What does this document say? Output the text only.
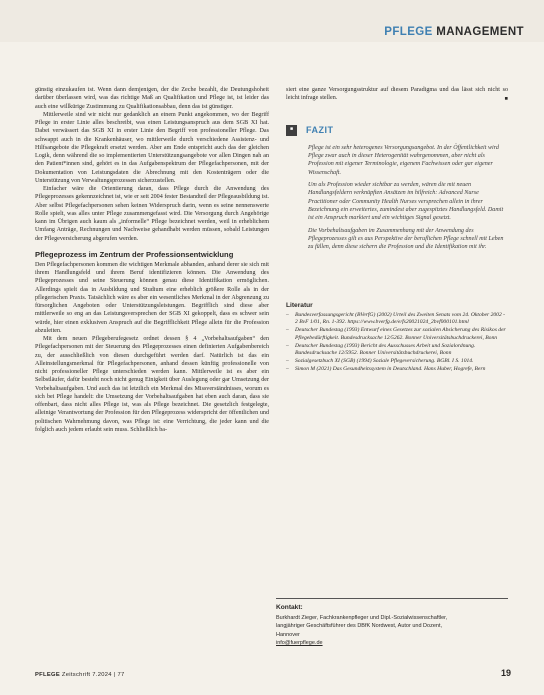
PFLEGE MANAGEMENT

günstig einzukaufen ist. Wenn dann demjenigen, der die Zeche bezahlt, die Deutungshoheit darüber überlassen wird, was das richtige Maß an Qualifikation und Pflege ist, ist leider das auch eine willkürige Zustimmung zu Qualifikationsabbau, denn das ist günstiger.

Mittlerweile sind wir nicht nur gedanklich an einem Punkt angekommen, wo der Begriff Pflege in erster Linie alles beschreibt, was einen Leistungsanspruch aus dem SGB XI hat. Dabei verwässert das SGB XI in erster Linie den Begriff von professioneller Pflege. Das schwappt auch in die Krankenhäuser, wo mittlerweile durch verschiedene Assistenz- und Hilfsangebote die Pflegekraft ersetzt werden. Aber am Ende entspricht auch das der gleichen Logik, denn während die so implementierten Unterstützungsangebote vor allen Dingen nah an den Patient*innen sind, gehört es in das Aufgabenspektrum der Pflegefachpersonen, mit der Dokumentation von Leistungsdaten die Abrechnung mit den Kostenträgern oder die Unterstützung von Verwaltungsprozessen sicherzustellen.

Einfacher wäre die Orientierung daran, dass Pflege durch die Anwendung des Pflegeprozesses gekennzeichnet ist, wie er seit 2004 fester Bestandteil der Pflegeausbildung ist. Aber selbst Pflegefachpersonen sehen keinen Widerspruch darin, wenn es seine nennenswerte Rolle spielt, was alles unter Pflege zusammengefasst wird. Die Versorgung durch Angehörige kann im Übrigen auch kaum als „informelle“ Pflege bezeichnet werden, weil in erheblichem Umfang Anträge, Rechnungen und Nachweise gehandhabt werden müssen, sobald Leistungen der Pflegeversicherung abgerufen werden.

Pflegeprozess im Zentrum der Professionsentwicklung

Den Pflegefachpersonen kommen die wichtigen Merkmale abhanden, anhand derer sie sich mit ihrem Handlungsfeld und ihrem Beruf identifizieren können. Die Anwendung des Pflegeprozesses und seine Steuerung können genau diese Identifikation ermöglichen. Allerdings spielt das in Ausbildung und Studium eine erheblich größere Rolle als in der pflegerischen Praxis. Tatsächlich wäre es aber ein wesentliches Merkmal in der Abgrenzung zu fürsorglichen Angeboten oder Unterstützungsleistungen. Begrifflich sind diese aber mittlerweile so eng an das Leistungsversprechen der SGB XI gekoppelt, dass es schwer sein würde, hier einen exklusiven Anspruch auf die Begrifflichkeit Pflege allein für die Profession abzuleiten.

Mit dem neuen Pflegeberufegesetz ordnet dessen § 4 „Vorbehaltsaufgaben“ den Pflegefachpersonen mit der Steuerung des Pflegeprozesses einen definierten Aufgabenbereich zu, der ausschließlich von diesen durchgeführt werden darf. Natürlich ist das ein Alleinstellungsmerkmal für Pflegefachpersonen, anhand dessen künftig professionelle von nicht professioneller Pflege unterschieden werden kann. Mittlerweile ist es aber ein Selbstläufer, dafür besteht noch nicht genug Einigkeit über Auslegung oder gar Umsetzung der Vorbehaltsaufgaben. Und auch das ist letztlich ein Merkmal des Missverständnisses, worum es sich bei Pflege handelt: die Umsetzung der Vorbehaltsaufgaben hat eben auch daran, dass sie offenbart, dass nicht alles Pflege ist, was als Pflege bezeichnet. Die gesetzlich festgelegte, alleinige Verantwortung der Profession für den Pflegeprozess widerspricht der öffentlichen und politischen Wahrnehmung davon, was Pflege ist: eine Verrichtung, die jeder kann und die folglich auch jedem erlaubt sein muss. Schließlich ba-

siert eine ganze Versorgungsstruktur auf diesem Paradigma und das lässt sich nicht so leicht infrage stellen.	■

■	FAZIT

Pflege ist ein sehr heterogenes Versorgungsangebot. In der Öffentlichkeit wird Pflege zwar auch in dieser Heterogenität wahrgenommen, aber nicht als Profession mit eigener Terminologie, eigenem Fachwissen oder gar eigener Wissenschaft.

Um als Profession wieder sichtbar zu werden, wären die mit neuen Handlungsfeldern verknüpften Ansätzen im hilfreich: Advanced Nurse Practitioner oder Community Health Nurses versprechen allein in ihrer Bezeichnung ein erweitertes, zumindest aber zugespitztes Handlungsfeld. Damit ist ein Anspruch markiert und ein wichtiges Signal gesetzt.

Die Vorbehaltsaufgaben im Zusammenhang mit der Anwendung des Pflegeprozesses gilt es aus Perspektive der beruflichen Pflege schnell mit Leben zu füllen, denn diese sichern die Profession und die Identifikation mit ihr.

Literatur
– Bundesverfassungsgericht (BVerfG) (2002) Urteil des Zweiten Senats vom 24. Oktober 2002 - 2 BvF 1/01, Rn. 1-392. https://www.bverfg.de/e/fs20021024_2bvf000101.html
– Deutscher Bundestag (1993) Entwurf eines Gesetzes zur sozialen Absicherung des Risikos der Pflegebedürftigkeit. Bundesdrucksache 12/5262. Bonner Universitätsbuchdruckerei, Bonn
– Deutscher Bundestag (1993) Bericht des Ausschusses Arbeit und Sozialordnung. Bundesdrucksache 12/5952. Bonner Universitätsbuchdruckerei, Bonn
– Sozialgesetzbuch XI (SGB) (1994) Soziale Pflegeversicherung. BGBl. I S. 1014.
– Simon M (2021) Das Gesundheitssystem in Deutschland. Hans Huber, Hogrefe, Bern
Kontakt:
Burkhardt Zieger, Fachkrankenpfleger und Dipl.-Sozialwissenschaftler,
langjähriger Geschäftsführer des DBfK Nordwest, Autor und Dozent,
Hannover
info@fuerpflege.de
PFLEGE Zeitschrift 7.2024 | 77	19
